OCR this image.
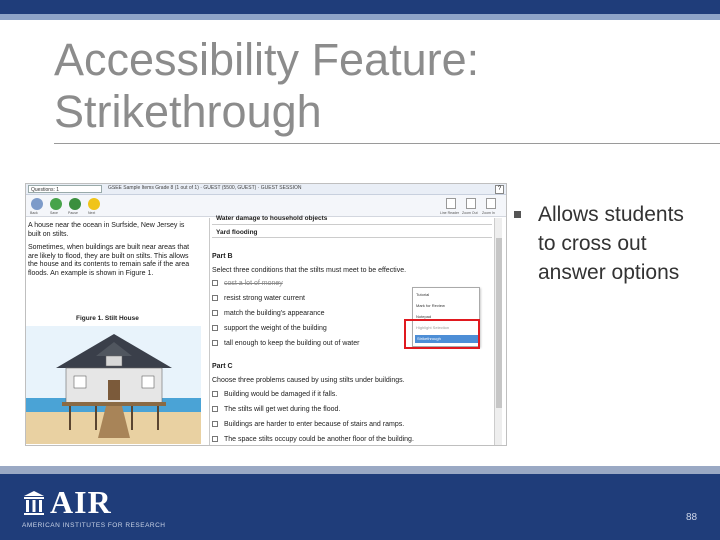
Accessibility Feature:
Strikethrough
Questions: 1	GSEE Sample Items Grade 8 (1 out of 1) · GUEST (5500, GUEST) · GUEST SESSION	?
Back	Save	Pause	Next	Line Reader Zoom Out Zoom In

A house near the ocean in Surfside, New Jersey is built on stilts.

Sometimes, when buildings are built near areas that are likely to flood, they are built on stilts. This allows the house and its contents to remain safe if the area floods. An example is shown in Figure 1.

Figure 1. Stilt House
Water damage to household objects
Yard flooding
Part B
Select three conditions that the stilts must meet to be effective.
cost a lot of money
resist strong water current
match the building's appearance
support the weight of the building
tall enough to keep the building out of water
Part C
Choose three problems caused by using stilts under buildings.
Building would be damaged if it falls.
The stilts will get wet during the flood.
Buildings are harder to enter because of stairs and ramps.
The space stilts occupy could be another floor of the building.
Tutorial
Mark for Review
Notepad
Highlight Selection
Strikethrough
Allows students to cross out answer options
AIR
AMERICAN INSTITUTES FOR RESEARCH
88
